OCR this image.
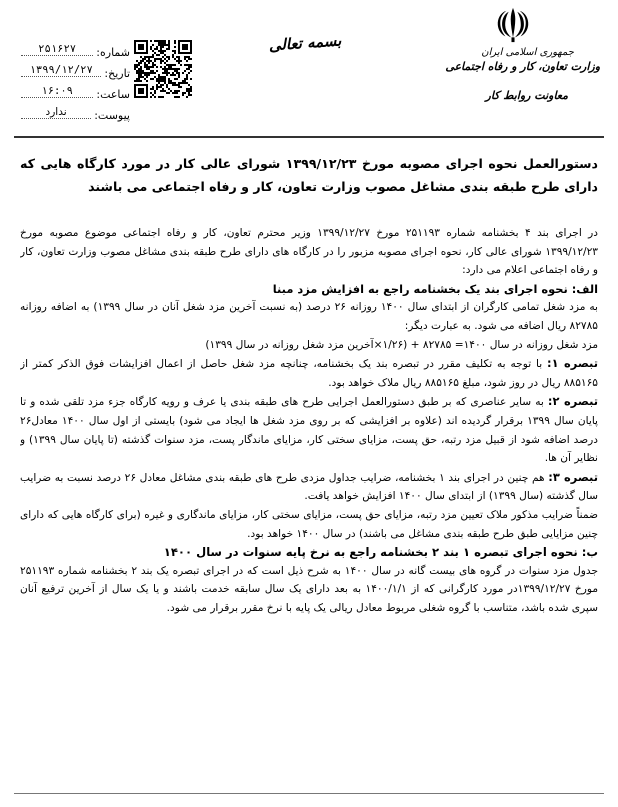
شماره:
۲۵۱۶۲۷
تاریخ:
۱۳۹۹/۱۲/۲۷
ساعت:
۱۶:۰۹
پیوست:
ندارد
بسمه تعالی	جمهوری اسلامی ایران
وزارت تعاون، کار و رفاه اجتماعی
معاونت روابط کار
دستورالعمل نحوه اجرای مصوبه مورخ ۱۳۹۹/۱۲/۲۳ شورای عالی کار در مورد کارگاه هایی که دارای طرح طبقه بندی مشاغل مصوب وزارت تعاون، کار و رفاه اجتماعی می باشند

در اجرای بند ۴ بخشنامه شماره ۲۵۱۱۹۳ مورخ ۱۳۹۹/۱۲/۲۷ وزیر محترم تعاون، کار و رفاه اجتماعی موضوع مصوبه مورخ ۱۳۹۹/۱۲/۲۳ شورای عالی کار، نحوه اجرای مصوبه مزبور را در کارگاه های دارای طرح طبقه بندی مشاغل مصوب وزارت تعاون، کار و رفاه اجتماعی اعلام می دارد:

الف: نحوه اجرای بند یک بخشنامه راجع به افزایش مزد مبنا

به مزد شغل تمامی کارگران از ابتدای سال ۱۴۰۰ روزانه ۲۶ درصد (به نسبت آخرین مزد شغل آنان در سال ۱۳۹۹) به اضافه روزانه ۸۲۷۸۵ ریال اضافه می شود. به عبارت دیگر:

مزد شغل روزانه در سال ۱۴۰۰= ۸۲۷۸۵ + (۱/۲۶×آخرین مزد شغل روزانه در سال ۱۳۹۹)

تبصره ۱: با توجه به تکلیف مقرر در تبصره بند یک بخشنامه، چنانچه مزد شغل حاصل از اعمال افزایشات فوق الذکر کمتر از ۸۸۵۱۶۵ ریال در روز شود، مبلغ ۸۸۵۱۶۵ ریال ملاک خواهد بود.

تبصره ۲: به سایر عناصری که بر طبق دستورالعمل اجرایی طرح های طبقه بندی یا عرف و رویه کارگاه جزء مزد تلقی شده و تا پایان سال ۱۳۹۹ برقرار گردیده اند (علاوه بر افزایشی که بر روی مزد شغل ها ایجاد می شود) بایستی از اول سال ۱۴۰۰ معادل۲۶ درصد اضافه شود از قبیل مزد رتبه، حق پست، مزایای سختی کار، مزایای ماندگار پست، مزد سنوات گذشته (تا پایان سال ۱۳۹۹) و نظایر آن ها.

تبصره ۳: هم چنین در اجرای بند ۱ بخشنامه، ضرایب جداول مزدی طرح های طبقه بندی مشاغل معادل ۲۶ درصد نسبت به ضرایب سال گذشته (سال ۱۳۹۹) از ابتدای سال ۱۴۰۰ افزایش خواهد یافت.

ضمناً ضرایب مذکور ملاک تعیین مزد رتبه، مزایای حق پست، مزایای سختی کار، مزایای ماندگاری و غیره (برای کارگاه هایی که دارای چنین مزایایی طبق طرح طبقه بندی مشاغل می باشند) در سال ۱۴۰۰ خواهد بود.

ب: نحوه اجرای تبصره ۱ بند ۲ بخشنامه راجع به نرخ پایه سنوات در سال ۱۴۰۰

جدول مزد سنوات در گروه های بیست گانه در سال ۱۴۰۰ به شرح ذیل است که در اجرای تبصره یک بند ۲ بخشنامه شماره ۲۵۱۱۹۳ مورخ ۱۳۹۹/۱۲/۲۷در مورد کارگرانی که از ۱۴۰۰/۱/۱ به بعد دارای یک سال سابقه خدمت باشند و یا یک سال از آخرین ترفیع آنان سپری شده باشد، متناسب با گروه شغلی مربوط معادل ریالی یک پایه با نرخ مقرر برقرار می شود.
